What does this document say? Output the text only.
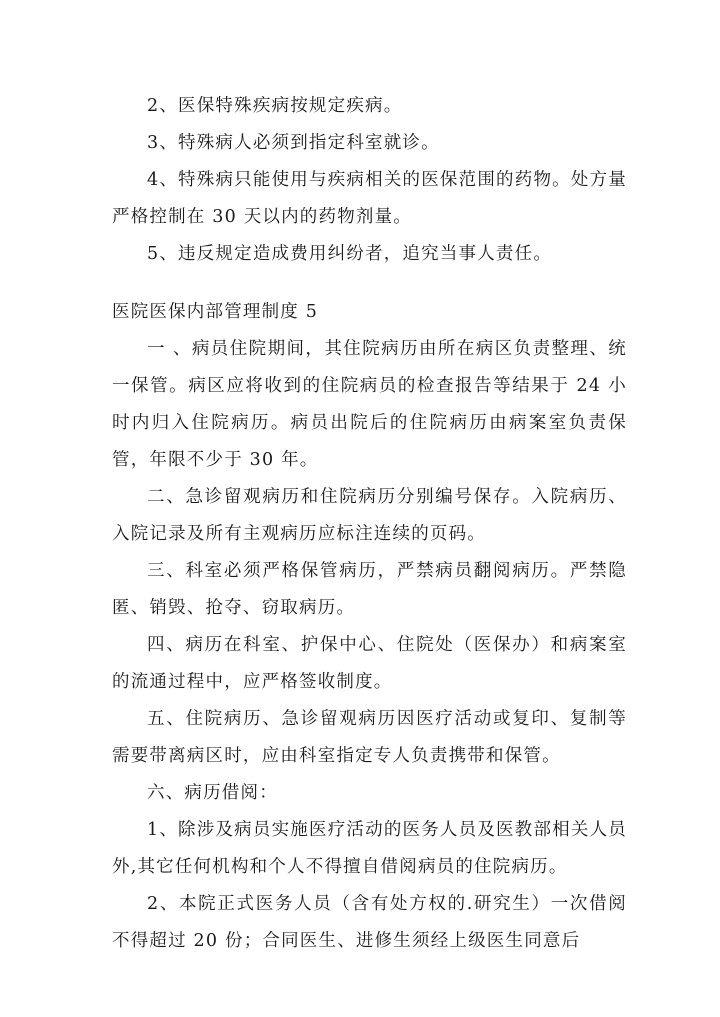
2、医保特殊疾病按规定疾病。

3、特殊病人必须到指定科室就诊。

4、特殊病只能使用与疾病相关的医保范围的药物。处方量严格控制在 30 天以内的药物剂量。

5、违反规定造成费用纠纷者，追究当事人责任。

医院医保内部管理制度 5

一 、病员住院期间，其住院病历由所在病区负责整理、统一保管。病区应将收到的住院病员的检查报告等结果于 24 小时内归入住院病历。病员出院后的住院病历由病案室负责保管，年限不少于 30 年。

二、急诊留观病历和住院病历分别编号保存。入院病历、入院记录及所有主观病历应标注连续的页码。

三、科室必须严格保管病历，严禁病员翻阅病历。严禁隐匿、销毁、抢夺、窃取病历。

四、病历在科室、护保中心、住院处（医保办）和病案室的流通过程中，应严格签收制度。

五、住院病历、急诊留观病历因医疗活动或复印、复制等需要带离病区时，应由科室指定专人负责携带和保管。

六、病历借阅：

1、除涉及病员实施医疗活动的医务人员及医教部相关人员外,其它任何机构和个人不得擅自借阅病员的住院病历。

2、本院正式医务人员（含有处方权的.研究生）一次借阅不得超过 20 份；合同医生、进修生须经上级医生同意后
